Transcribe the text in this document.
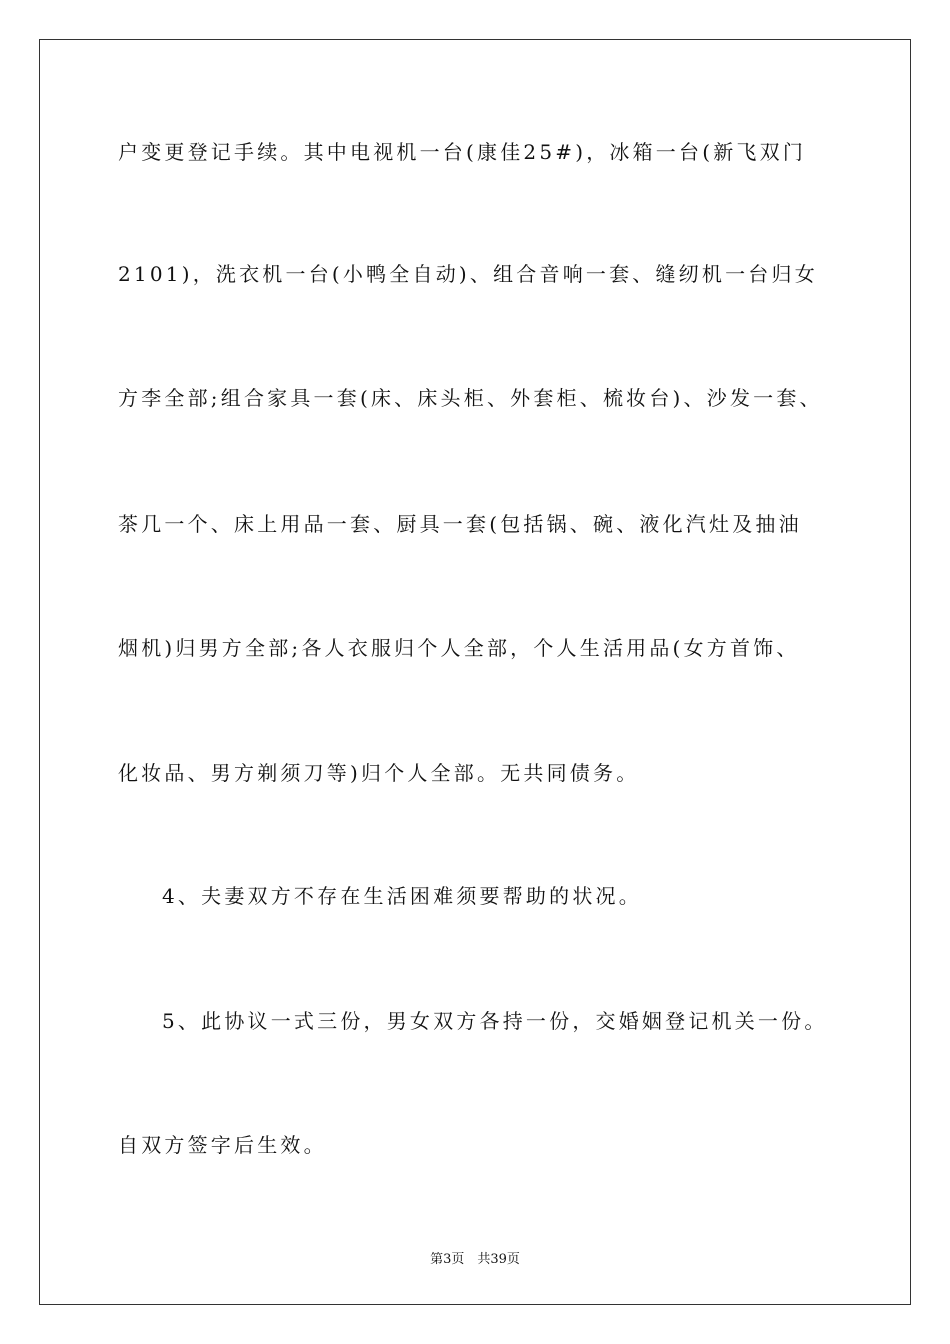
户变更登记手续。其中电视机一台(康佳25#)，冰箱一台(新飞双门

2101)，洗衣机一台(小鸭全自动)、组合音响一套、缝纫机一台归女

方李全部;组合家具一套(床、床头柜、外套柜、梳妆台)、沙发一套、

茶几一个、床上用品一套、厨具一套(包括锅、碗、液化汽灶及抽油

烟机)归男方全部;各人衣服归个人全部，个人生活用品(女方首饰、

化妆品、男方剃须刀等)归个人全部。无共同债务。

4、夫妻双方不存在生活困难须要帮助的状况。

5、此协议一式三份，男女双方各持一份，交婚姻登记机关一份。

自双方签字后生效。

第3页　共39页
